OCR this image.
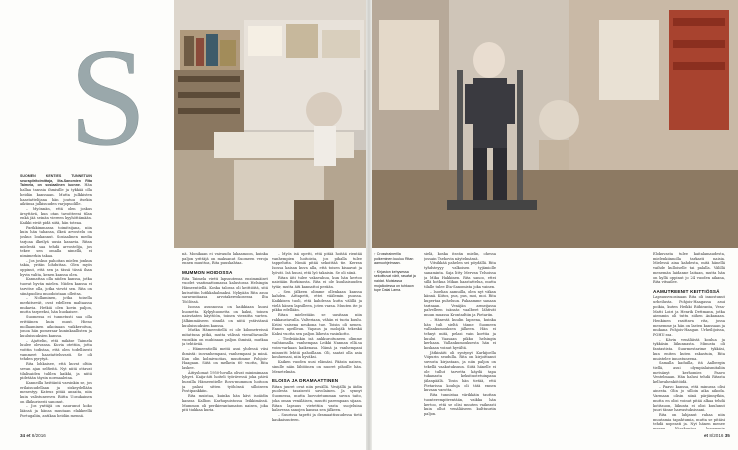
S

SUOMEN KENTIES TUNNETUIN seurapiiritoimittaja, Ilta-Sanomien Rita Taimela, on sosiaalinen luonne. Hän hallaa tanssia ihmisille ja tykkää olla heidän kanssaan. Mutta julkkisten haastattelijana hän joutuu itsekin aiktinsa julkisuuden varjopuolille.

– Myönnän, että olen joskus ärsyttävä, kun otan tavoitteeni tilan enkä jää seinän viereen kyyhöttämään. Kaikki eivät pidä siitä, hän toteaa.

Parikkimmassa toimitsijana, niin kuin hän tahansa, ilkeä arvostelu on joskus loukannut. Sosiaalinen media tarjoaa ilkeilyä uusia kanavia. Ritan mielestä saa tehdä arvostelija, jos tekee sen omalla nimellä, ei nimimerkin takaa.

– Jos joskus pahoitan mielen jonkun takia, yritän lohduttaa. Olen myös oppinut, että sen ja tässä tässä ihan hyvin valita, kenen kanssa olen.

Kannattaa olla niiden kanssa, jotka tuovat hyvän mielen. Niiden kanssa ei tarvitse olla, jotka vievät sen. Rita on siinäpuolisu muodoistaan olleitsa.

– Nollaminen, jotka toisella merkitsevät, ovat edelleen maltaassa mukavia. Hetkiä olen kovin paljon, mutta tarpeeksi, hän huokaisee.

Suomessa ei tunnetusti saa olla erittäinen kuin muut. Hieno mollaaminen aikoinaan vaikkeroitua, jonoa hän pomeraar kuninkaallisten ja kuuluisuuksien kanssa.

– Ajattelin, että mikäse Taimela luulee olevansa. Kuvia otettiin, jotta voittin todistaa, että olen todellisesti vammeet haastatteluvasti. Se oli tehden pyrytyä.

Rita lohkaisee, että kuvat oltiin sevan ajan selfieitä. Nyt niitä ottavat tilalisaiden tulilen kaikki, ja niitä pidetään täysin normaaleina.

Kanneilla heittäntä varsinkin se, jos erilaisuudellaan ja siskeydellään menestyy. Kateus pitää ansaita, niin kuin valistuneesvu Riitta Uosukainen on ilkikurisesti sanonut.

– Jos ynttäjä on naurunut koko läänsä ja hänsa muutaan elakkeellä Portugaliin, antikaa heidän mennä.

34 et 8/2016
↑ Crosstrainerilla polkeminen kuuluu Ritan aamuohjelmaan.
↑ Kirjaston kehysessa sekoittuvat värit, rasafat ja naidat. Muistassa mojallodessa on tuhkaon tupe Dalai Lama.

sielä, koska itseän mielin, ohessa jossain Tsehovin näytelmässä.

Vitsikkää pahelen sei pöydällä. Rita tyhdsteyyy valkoisen tyjämiolle sanaminta. Saja litty Mervan Telsoissa ja Mika Hakkinen. Rita sanoo, ettei sillä hotkua Mikan haastattelua, mutta tilalle tulee Ilta-Sanomista joka vainen.

– Isoelian aamuilla, olen nyt väkan kännä. Kiitos, pus, pus, moi, moi. Rita kupertaa puheluun. Pakaamme sanaan tarinaan. Venäjän armeijassa palvelleen isänsäs vaalbeet lähtivät muun muassa Krontadtiin ja Pietariin.

– Hänestä kuulin lapsena, kuinka hän tuli sieltä tänne Suomeen vallankumouksen jälkeen. Hän ei tehnyt mitä, pelasi vain korttia ja kuului Vaasaan pikku helsingin kerhaan. Vallankumouksesta hän ei koskaan voinut hyvältä.

Jätkinäiti oli syntynyt Karkijoella Viipurin seudulla. Rita on kirjoittanut suvusta kirjastaan, ja niin paljon on tekellä vaakutuksuun. Siitä hänelle ei ole tullut tarvetta käydä tapa tukanasta keksituotetuinpana jälanpäälä. Tosin hän tietää, että Pietarissa kouluja oli tätä ennen kuvaan varotta.

Rita tunnistaa värikkäin tauttan tuonterempitrentään, vaikka hän kertoo, että se olisi muuten vaikeasti kuin ollut venäläiseen kulttuuriin paljon.

Elokuvasta tulee kaitalamaudesta, mielenkiinnolla tarkasti naisia. Mielessä aina kahdesta, mitä hänellä vaihde kulloiselle tai palalla. Välillä menemän laidanne laitaan, mutta hän on kyllä oppinut jo 24 vuoden aikana, Rita vitsailee.

AAMUTREENIT KEITTIÖSSÄ

Lapsuusvuosinaan Rita oli innostunut urheilusta. Pohjois-Haagassa asui poikia, kuten Heikki Riihiranta, Vesa-Matti Loiri ja Henrik Dettmann, jotka aiemmin oli tuttu siihen Aukanaan. Henkinen rasittava rita, jossa menemme ja hän on lasten kanssaan ja mukana Pohjois-Haagan Urheilijoissa, POHU:ssa.

– Kävin venäläistä koulua ja tykkäsin liikunnasta. Minusta oli fantastista. Suurmestarime tykkäsi, kun eniten kuten rakastuin, Rita muistelee innostuneena.

Samalla kaduilla, itä Aalbergin tiellä, asui olympialaismitaliin metsänyt kerhomies Paavo Ventelmaan. Hän halusi tehdä Ritasta kelluvahenkötöidä.

– Paavo kanssa, että minussa olisi ainesta. Olin jo silloin aika aikoda. Varmaan olisin siinä pärjännytkin, mutta en olisi voinut pitää alkaa tehdä kotitauon, liikunta ei olisi kuulunut juuri tänne harrastuksissani.

Rita on lahjanut rahaa niin muutamia tapahtumia, mutta se pitäisi tehdä nopeasti ja. Nyt hänen menee

et 8/2016 35

nä. Monikaan ei vaivaudu lakaamoon, kuinka paljon yrittäjä on maksanut Suomeen veroja ennen muuttoa, Rita puuskahtaa.

MUMMON HOIDOSSA

Rita Taimela vietti lapsuutensa ensimmäiset vuodet vaatimattomassa kalustossa Helsingin Hämeentiellä. Koska talossa oli keittiöitä, sitä kutsuttiin lutikkahalmaksi. Nykyään Rita asuu saravuntiaasa arvotakerrokosessa Ilta Töölössä.

Isonsa asunnossa on kaikkiaan kuusi huonetta. Kylpyhuonetta on kaksi, toinen naisväaten käyttöön, toinen vieraitta varten. Jälkimmäiseen sinnilä on niitä ystäviänsä kuuluisuuksien kanssa.

Mutka Hämeentiellä ei ole kilometreissä mitattuna pitkä, mutta välissä vierailtavanlle vuosikin on muhinaan paljon ihmisiä, mutkaa ja tehtävää.

– Hämeentiellä meitä asui yhdessä viisi ihmistä: isovanhempani, vanhempani ja minä. Kun olin kolmivuotias, muutimme Pohjois-Haagaan. Siitä on melkein 60 vuotta, Rita laskee.

Äitiyslomat 1950-luvulla olivat minimimaan lyhyet. Kaija-äiti hoiteli työrävessä joka päivä bussilla Hämeentielle Rova-mummon hoitoon ja palasi sitten työhönsä silloiseen Postipankkiin.

Rita muistaa, kuinka hän kävi isoäidin kanssa Kallion Karhupuistossa leikkimässä. Mummon oli perikierantamaton naisen, joka piti tiukkaa kuria.

– Myös isä opetti, että pitää hoitää rientää vanhempien hoitoista, jos pihalla tulee tappelutta. Nimiä pitää sekoittää tie. Kerran Isossa kaisan kuva alla, että toisen kisaavat ja lyövät. Isä huusi, että lyö takaisin. Se oli siinä.

Ritan äiti tulee vakavahuu, kun hän kertoo naistään Borkinosta. Rita ei ole kuuliaisuuden tytär, mutta äiti kannattoi perään.

– Sen jälkeen olimme ollenkaan kanssa kahden. Aittapetti, ettei väälemin puussa. Kaikkisen tuoli, että kahdessa kutta välillä ja vielä hänen lapsilleen, joten varaa. Muuten ite jo pikku edellään.

Ritan mielestään se uusitaan niin rakkaustavalla. Valteriaan, vähän ei tuota kuulu. Kriisi vaisena neukona tue. Toisin oli nenen. Ennen aprilleun. Vapaus ja molojäk tekeskä Kaksi vuotta sen paljon lähesta vasinkotto.

– Tiedeäänkin isä ankkuroituneen olimme vaihtamalla. vanhempaa Leikki Nannan ellä.sa voim-varkaan kaikenasa. Nämä ja vanhempani minuutti lehtiä pahoillaan. Oli, saatat olla asia kouluenasi, niin hyväksi.

Kaiken vuoden uusi elämäsi. Pääsin naisen, sinulle näin lähtöinen on nuoret pihoille hän. Menetelmän.

ELOISA JA DRAMAATTINEN

Ritan juuret ovat niin pesällä. Vesijällä ja äidin puolesta tasaisesti savolainen. Ja synnyt Suomessa, mutta luovutetumman suvun taito, joka oman venäläisen, muutti parempaan sijaan. Ritan lapsuus vietettiin vasta suojeluina kalavessa sanojen kanssa sen jälkeen.

– Suurissa tapetti ja dramaattisuudessa tietä kaukaisuuteen.
